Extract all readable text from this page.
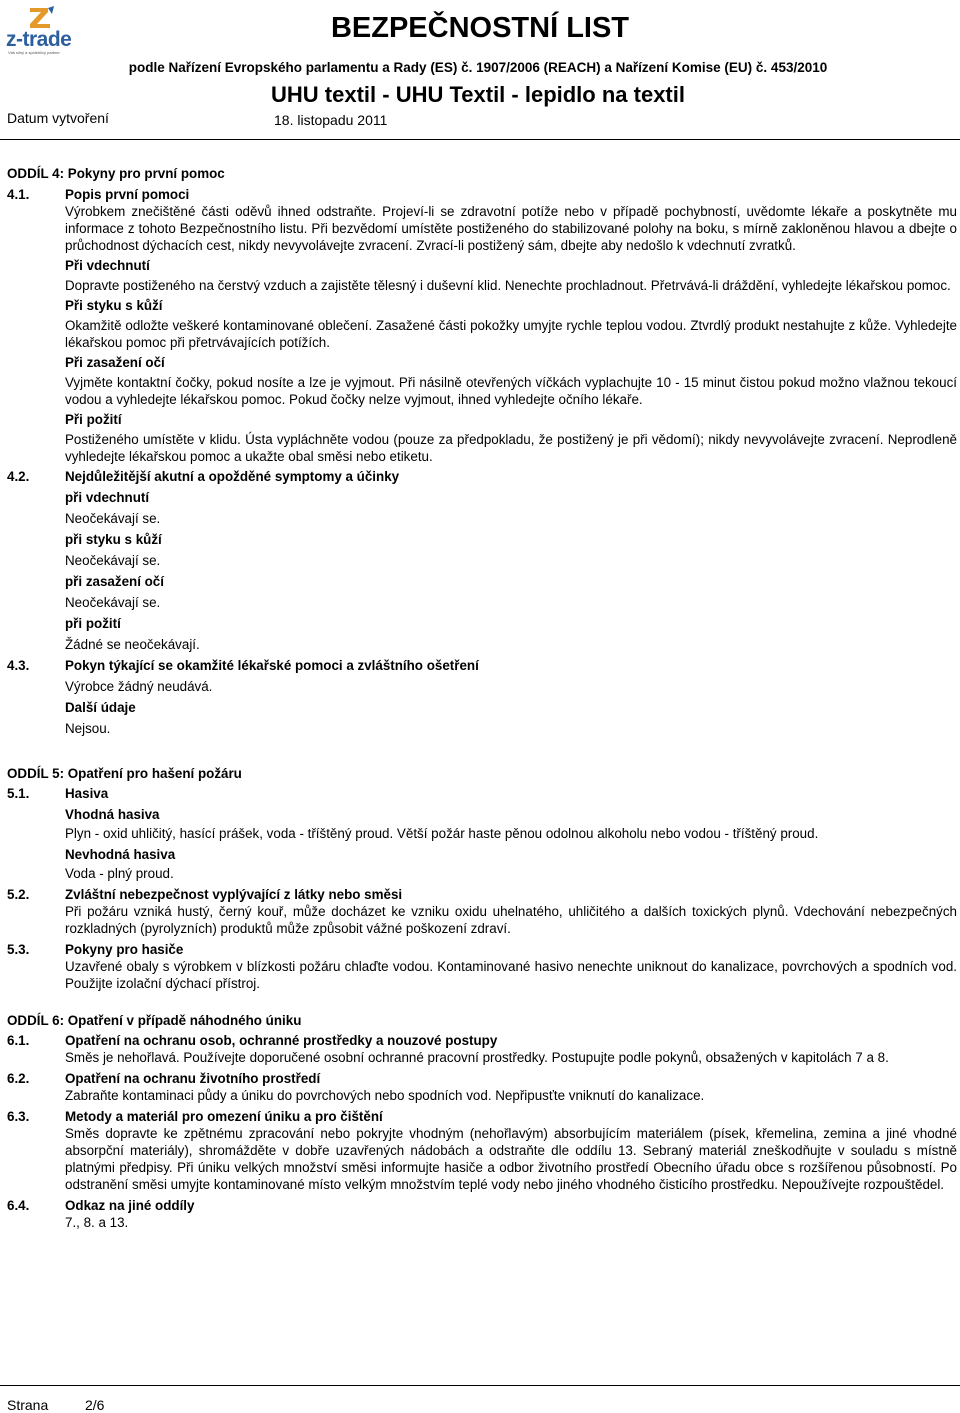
z-trade
Váš silný a spolehlivý partner
BEZPEČNOSTNÍ LIST
podle Nařízení Evropského parlamentu a Rady (ES) č. 1907/2006 (REACH) a Nařízení Komise (EU) č. 453/2010
UHU textil - UHU Textil - lepidlo na textil
Datum vytvoření	18. listopadu 2011
ODDÍL 4: Pokyny pro první pomoc
4.1.	Popis první pomoci
Výrobkem znečištěné části oděvů ihned odstraňte. Projeví-li se zdravotní potíže nebo v případě pochybností, uvědomte lékaře a poskytněte mu informace z tohoto Bezpečnostního listu. Při bezvědomí umístěte postiženého do stabilizované polohy na boku, s mírně zakloněnou hlavou a dbejte o průchodnost dýchacích cest, nikdy nevyvolávejte zvracení. Zvrací-li postižený sám, dbejte aby nedošlo k vdechnutí zvratků.
Při vdechnutí
Dopravte postiženého na čerstvý vzduch a zajistěte tělesný i duševní klid. Nenechte prochladnout. Přetrvává-li dráždění, vyhledejte lékařskou pomoc.
Při styku s kůží
Okamžitě odložte veškeré kontaminované oblečení. Zasažené části pokožky umyjte rychle teplou vodou. Ztvrdlý produkt nestahujte z kůže. Vyhledejte lékařskou pomoc při přetrvávajících potížích.
Při zasažení očí
Vyjměte kontaktní čočky, pokud nosíte a lze je vyjmout. Při násilně otevřených víčkách vyplachujte 10 - 15 minut čistou pokud možno vlažnou tekoucí vodou a vyhledejte lékařskou pomoc. Pokud čočky nelze vyjmout, ihned vyhledejte očního lékaře.
Při požití
Postiženého umístěte v klidu. Ústa vypláchněte vodou (pouze za předpokladu, že postižený je při vědomí); nikdy nevyvolávejte zvracení. Neprodleně vyhledejte lékařskou pomoc a ukažte obal směsi nebo etiketu.
4.2.	Nejdůležitější akutní a opožděné symptomy a účinky
při vdechnutí
Neočekávají se.
při styku s kůží
Neočekávají se.
při zasažení očí
Neočekávají se.
při požití
Žádné se neočekávají.
4.3.	Pokyn týkající se okamžité lékařské pomoci a zvláštního ošetření
Výrobce žádný neudává.
Další údaje
Nejsou.
ODDÍL 5: Opatření pro hašení požáru
5.1.	Hasiva
Vhodná hasiva
Plyn - oxid uhličitý, hasící prášek, voda - tříštěný proud. Větší požár haste pěnou odolnou alkoholu nebo vodou - tříštěný proud.
Nevhodná hasiva
Voda - plný proud.
5.2.	Zvláštní nebezpečnost vyplývající z látky nebo směsi
Při požáru vzniká hustý, černý kouř, může docházet ke vzniku oxidu uhelnatého, uhličitého a dalších toxických plynů. Vdechování nebezpečných rozkladných (pyrolyzních) produktů může způsobit vážné poškození zdraví.
5.3.	Pokyny pro hasiče
Uzavřené obaly s výrobkem v blízkosti požáru chlaďte vodou. Kontaminované hasivo nenechte uniknout do kanalizace, povrchových a spodních vod. Použijte izolační dýchací přístroj.
ODDÍL 6: Opatření v případě náhodného úniku
6.1.	Opatření na ochranu osob, ochranné prostředky a nouzové postupy
Směs je nehořlavá. Používejte doporučené osobní ochranné pracovní prostředky. Postupujte podle pokynů, obsažených v kapitolách 7 a 8.
6.2.	Opatření na ochranu životního prostředí
Zabraňte kontaminaci půdy a úniku do povrchových nebo spodních vod. Nepřipusťte vniknutí do kanalizace.
6.3.	Metody a materiál pro omezení úniku a pro čištění
Směs dopravte ke zpětnému zpracování nebo pokryjte vhodným (nehořlavým) absorbujícím materiálem (písek, křemelina, zemina a jiné vhodné absorpční materiály), shromážděte v dobře uzavřených nádobách a odstraňte dle oddílu 13. Sebraný materiál zneškodňujte v souladu s místně platnými předpisy. Při úniku velkých množství směsi informujte hasiče a odbor životního prostředí Obecního úřadu obce s rozšířenou působností. Po odstranění směsi umyjte kontaminované místo velkým množstvím teplé vody nebo jiného vhodného čisticího prostředku. Nepoužívejte rozpouštědel.
6.4.	Odkaz na jiné oddíly
7., 8. a 13.
Strana	2/6
